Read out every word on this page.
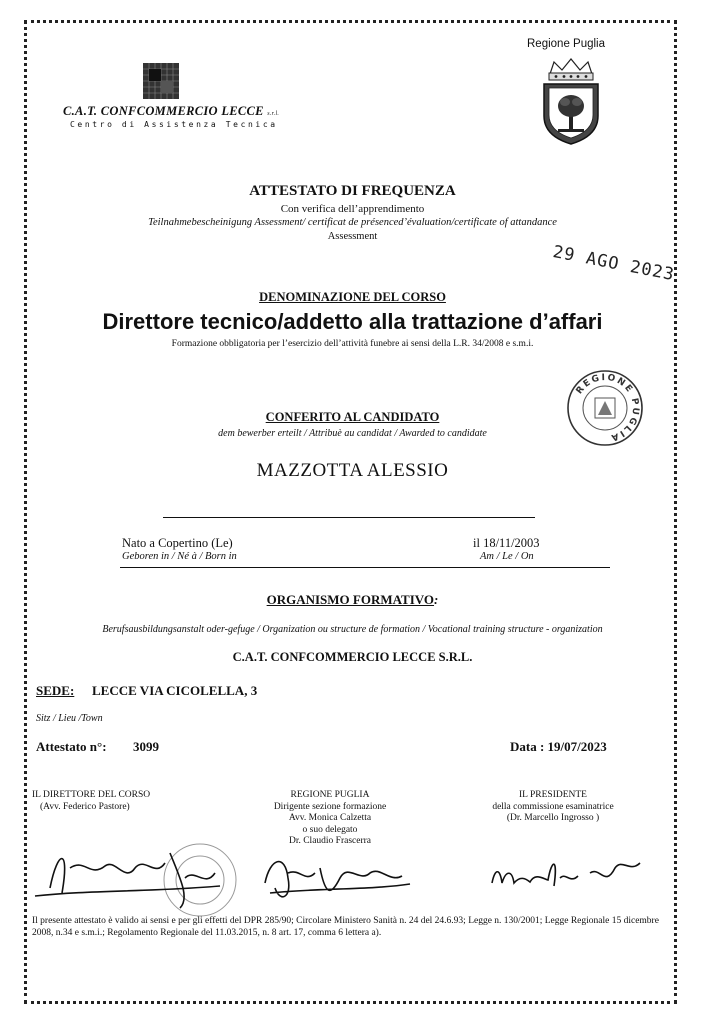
C.A.T. CONFCOMMERCIO LECCE s.r.l.
Centro di Assistenza Tecnica
Regione Puglia
ATTESTATO DI FREQUENZA
Con verifica dell’apprendimento
Teilnahmebescheinigung Assessment/ certificat de présenced’évaluation/certificate of attandance
Assessment
29 AGO 2023
DENOMINAZIONE DEL CORSO
Direttore tecnico/addetto alla trattazione d’affari
Formazione obbligatoria per l’esercizio dell’attività funebre ai sensi della L.R. 34/2008 e s.m.i.
REGIONE PUGLIA
CONFERITO AL CANDIDATO
dem bewerber erteilt / Attribuè au candidat / Awarded to candidate
MAZZOTTA ALESSIO
Nato a Copertino (Le)
Geboren in / Né à / Born in
il 18/11/2003
Am / Le / On
ORGANISMO FORMATIVO:
Berufsausbildungsanstalt oder-gefuge / Organization ou structure de formation / Vocational training structure - organization
C.A.T. CONFCOMMERCIO LECCE S.R.L.
SEDE: LECCE VIA CICOLELLA, 3
Sitz / Lieu /Town
Attestato n°: 3099	Data : 19/07/2023
IL DIRETTORE DEL CORSO
(Avv. Federico Pastore)
REGIONE PUGLIA
Dirigente sezione formazione
Avv. Monica Calzetta
o suo delegato
Dr. Claudio Frascerra
IL PRESIDENTE
della commissione esaminatrice
(Dr. Marcello Ingrosso )
Il presente attestato è valido ai sensi e per gli effetti del DPR 285/90; Circolare Ministero Sanità n. 24 del 24.6.93; Legge n. 130/2001; Legge Regionale 15 dicembre 2008, n.34 e s.m.i.; Regolamento Regionale del 11.03.2015, n. 8 art. 17, comma 6 lettera a).
